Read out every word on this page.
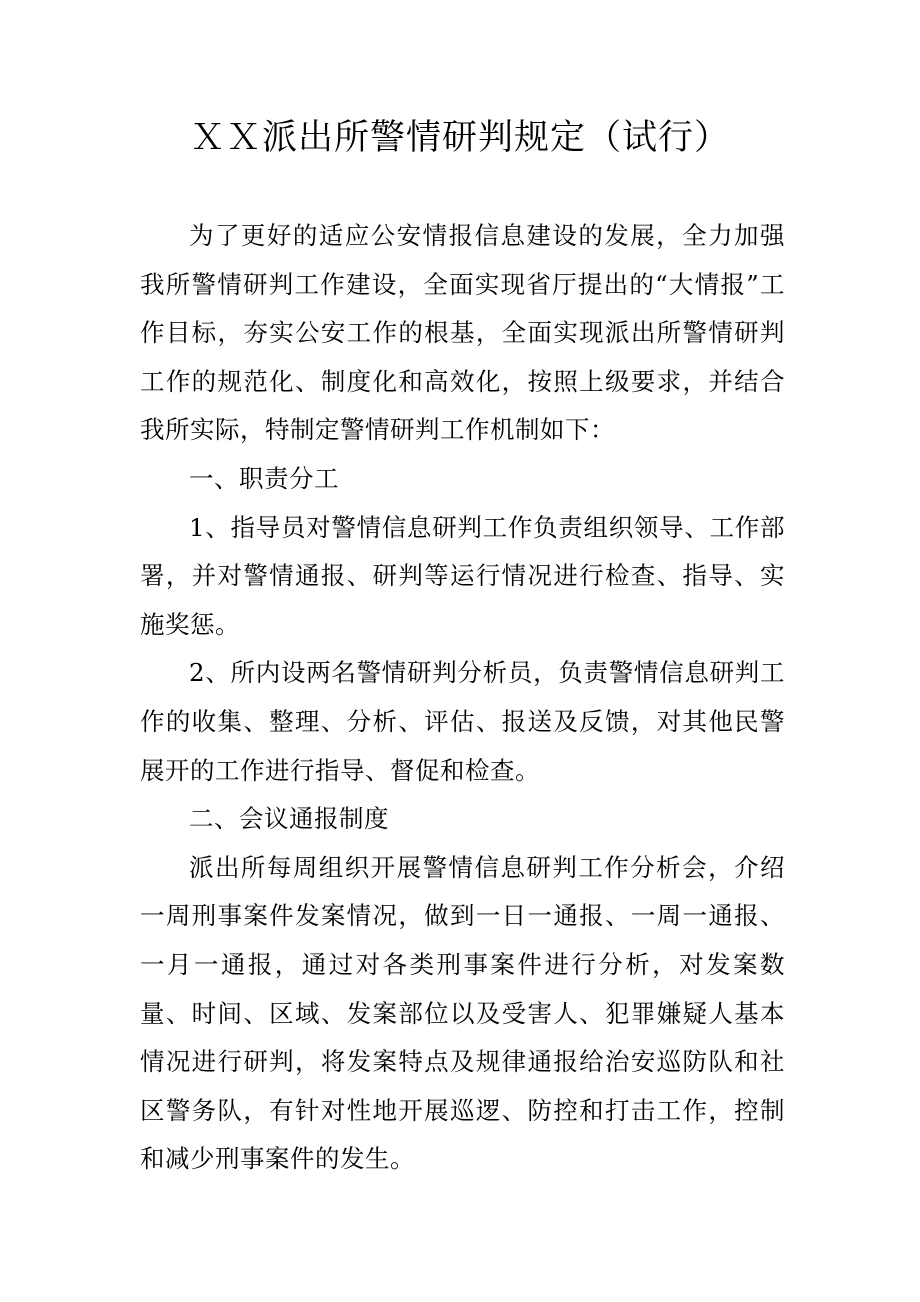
ＸＸ派出所警情研判规定（试行）

为了更好的适应公安情报信息建设的发展，全力加强我所警情研判工作建设，全面实现省厅提出的“大情报”工作目标，夯实公安工作的根基，全面实现派出所警情研判工作的规范化、制度化和高效化，按照上级要求，并结合我所实际，特制定警情研判工作机制如下：

一、职责分工

1、指导员对警情信息研判工作负责组织领导、工作部署，并对警情通报、研判等运行情况进行检查、指导、实施奖惩。

2、所内设两名警情研判分析员，负责警情信息研判工作的收集、整理、分析、评估、报送及反馈，对其他民警展开的工作进行指导、督促和检查。

二、会议通报制度

派出所每周组织开展警情信息研判工作分析会，介绍一周刑事案件发案情况，做到一日一通报、一周一通报、一月一通报，通过对各类刑事案件进行分析，对发案数量、时间、区域、发案部位以及受害人、犯罪嫌疑人基本情况进行研判，将发案特点及规律通报给治安巡防队和社区警务队，有针对性地开展巡逻、防控和打击工作，控制和减少刑事案件的发生。
